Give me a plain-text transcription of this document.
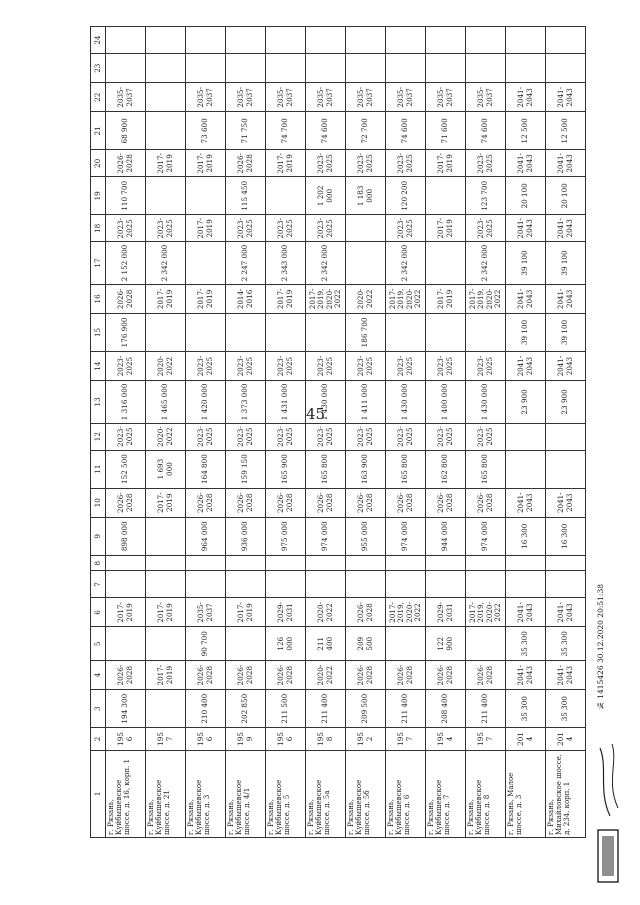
45
1	2	3	4	5	6	7	8	9	10	11	12	13	14	15	16	17	18	19	20	21	22	23	24
г. Рязань, Куйбышевское шоссе, д. 16, корп. 1	1956	194 300	2026-2028		2017-2019			898 000	2026-2028	152 500	2023-2025	1 316 000	2023-2025	176 900	2026-2028	2 152 000	2023-2025	110 700	2026-2028	68 900	2035-2037		
г. Рязань, Куйбышевское шоссе, д. 21	1957		2017-2019		2017-2019				2017-2019	1 693 000	2020-2022	1 465 000	2020-2022		2017-2019	2 342 000	2023-2025		2017-2019				
г. Рязань, Куйбышевское шоссе, д. 3	1956	210 400	2026-2028	90 700	2035-2037			964 000	2026-2028	164 800	2023-2025	1 420 000	2023-2025		2017-2019		2017-2019		2017-2019	73 600	2035-2037		
г. Рязань, Куйбышевское шоссе, д. 4/1	1959	202 850	2026-2028		2017-2019			936 000	2026-2028	159 150	2023-2025	1 373 000	2023-2025		2014-2016	2 247 000	2023-2025	115 450	2026-2028	71 750	2035-2037		
г. Рязань, Куйбышевское шоссе, д. 5	1956	211 500	2026-2028	126 000	2029-2031			975 000	2026-2028	165 900	2023-2025	1 431 000	2023-2025		2017-2019	2 343 000	2023-2025		2017-2019	74 700	2035-2037		
г. Рязань, Куйбышевское шоссе, д. 5а	1958	211 400	2020-2022	211 400	2020-2022			974 000	2026-2028	165 800	2023-2025	1 430 000	2023-2025		2017-2019, 2020-2022	2 342 000	2023-2025	1 202 000	2023-2025	74 600	2035-2037		
г. Рязань, Куйбышевское шоссе, д. 5б	1952	209 500	2026-2028	209 500	2026-2028			955 000	2026-2028	163 900	2023-2025	1 411 000	2023-2025	186 700	2020-2022			1 183 000	2023-2025	72 700	2035-2037		
г. Рязань, Куйбышевское шоссе, д. 6	1957	211 400	2026-2028		2017-2019, 2020-2022			974 000	2026-2028	165 800	2023-2025	1 430 000	2023-2025		2017-2019, 2020-2022	2 342 000	2023-2025	120 200	2023-2025	74 600	2035-2037		
г. Рязань, Куйбышевское шоссе, д. 7	1954	208 400	2026-2028	122 900	2029-2031			944 000	2026-2028	162 800	2023-2025	1 400 000	2023-2025		2017-2019		2017-2019		2017-2019	71 600	2035-2037		
г. Рязань, Куйбышевское шоссе, д. 8	1957	211 400	2026-2028		2017-2019, 2020-2022			974 000	2026-2028	165 800	2023-2025	1 430 000	2023-2025		2017-2019, 2020-2022	2 342 000	2023-2025	123 700	2023-2025	74 600	2035-2037		
г. Рязань, Малое шоссе, д. 3	2014	35 300	2041-2043	35 300	2041-2043			16 300	2041-2043			23 900	2041-2043	39 100	2041-2043	39 100	2041-2043	20 100	2041-2043	12 500	2041-2043		
г. Рязань, Михайловское шоссе, д. 234, корп. 1	2014	35 300	2041-2043	35 300	2041-2043			16 300	2041-2043			23 900	2041-2043	39 100	2041-2043	39 100	2041-2043	20 100	2041-2043	12 500	2041-2043		
№ 1415426 30.12.2020 20:51:38
